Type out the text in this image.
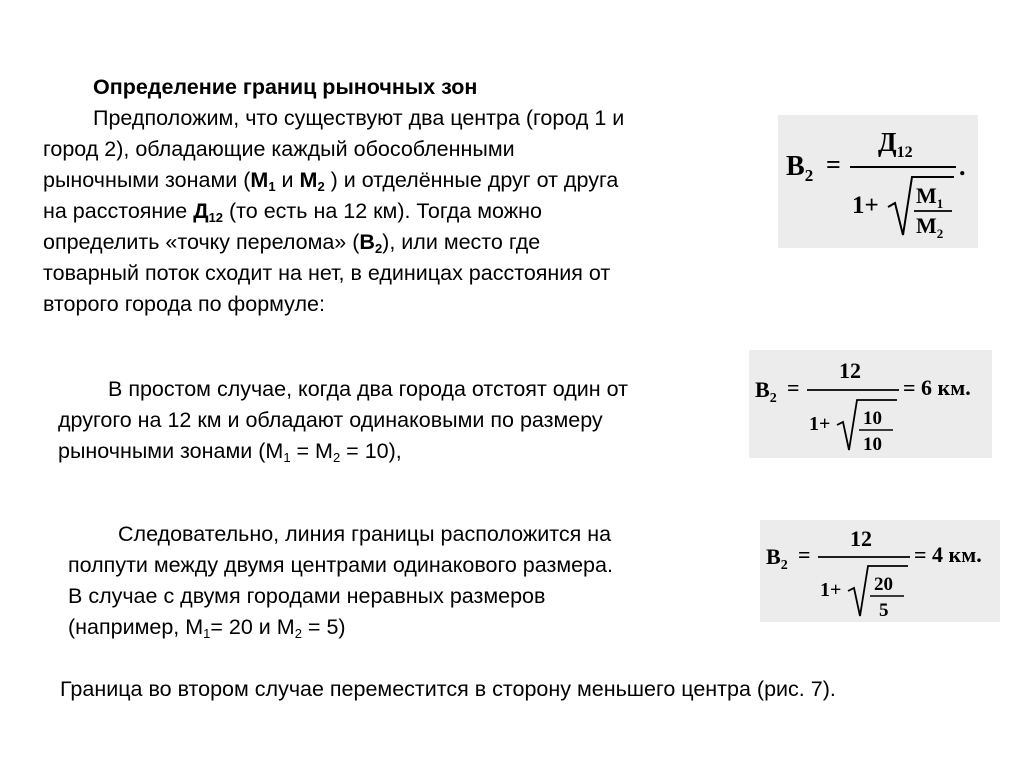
Определение границ рыночных зон
Предположим, что существуют два центра (город 1 и
город 2), обладающие каждый обособленными
рыночными зонами ($М_1$ и $М_2$ ) и отделённые друг от друга
на расстояние $Д_{12}$ (то есть на 12 км). Тогда можно
определить «точку перелома» $(В_2)$, или место где
товарный поток сходит на нет, в единицах расстояния от
второго города по формуле:
$В_2$ =
$Д_{12}$
$1+ М_1$
$М_2$
.
В простом случае, когда два города отстоят один от
другого на 12 км и обладают одинаковыми по размеру
рыночными зонами $(М_1 = М_2 = 10)$,
$В_2$ =
12
1+ 10
10
= 6 км.
Следовательно, линия границы расположится на
полпути между двумя центрами одинакового размера.
В случае с двумя городами неравных размеров
(например, $М_1= 20$ и $М_2 = 5$)
$В_2$ =
12
1+ 20
5
= 4 км.
Граница во втором случае переместится в сторону меньшего центра (рис. 7).
